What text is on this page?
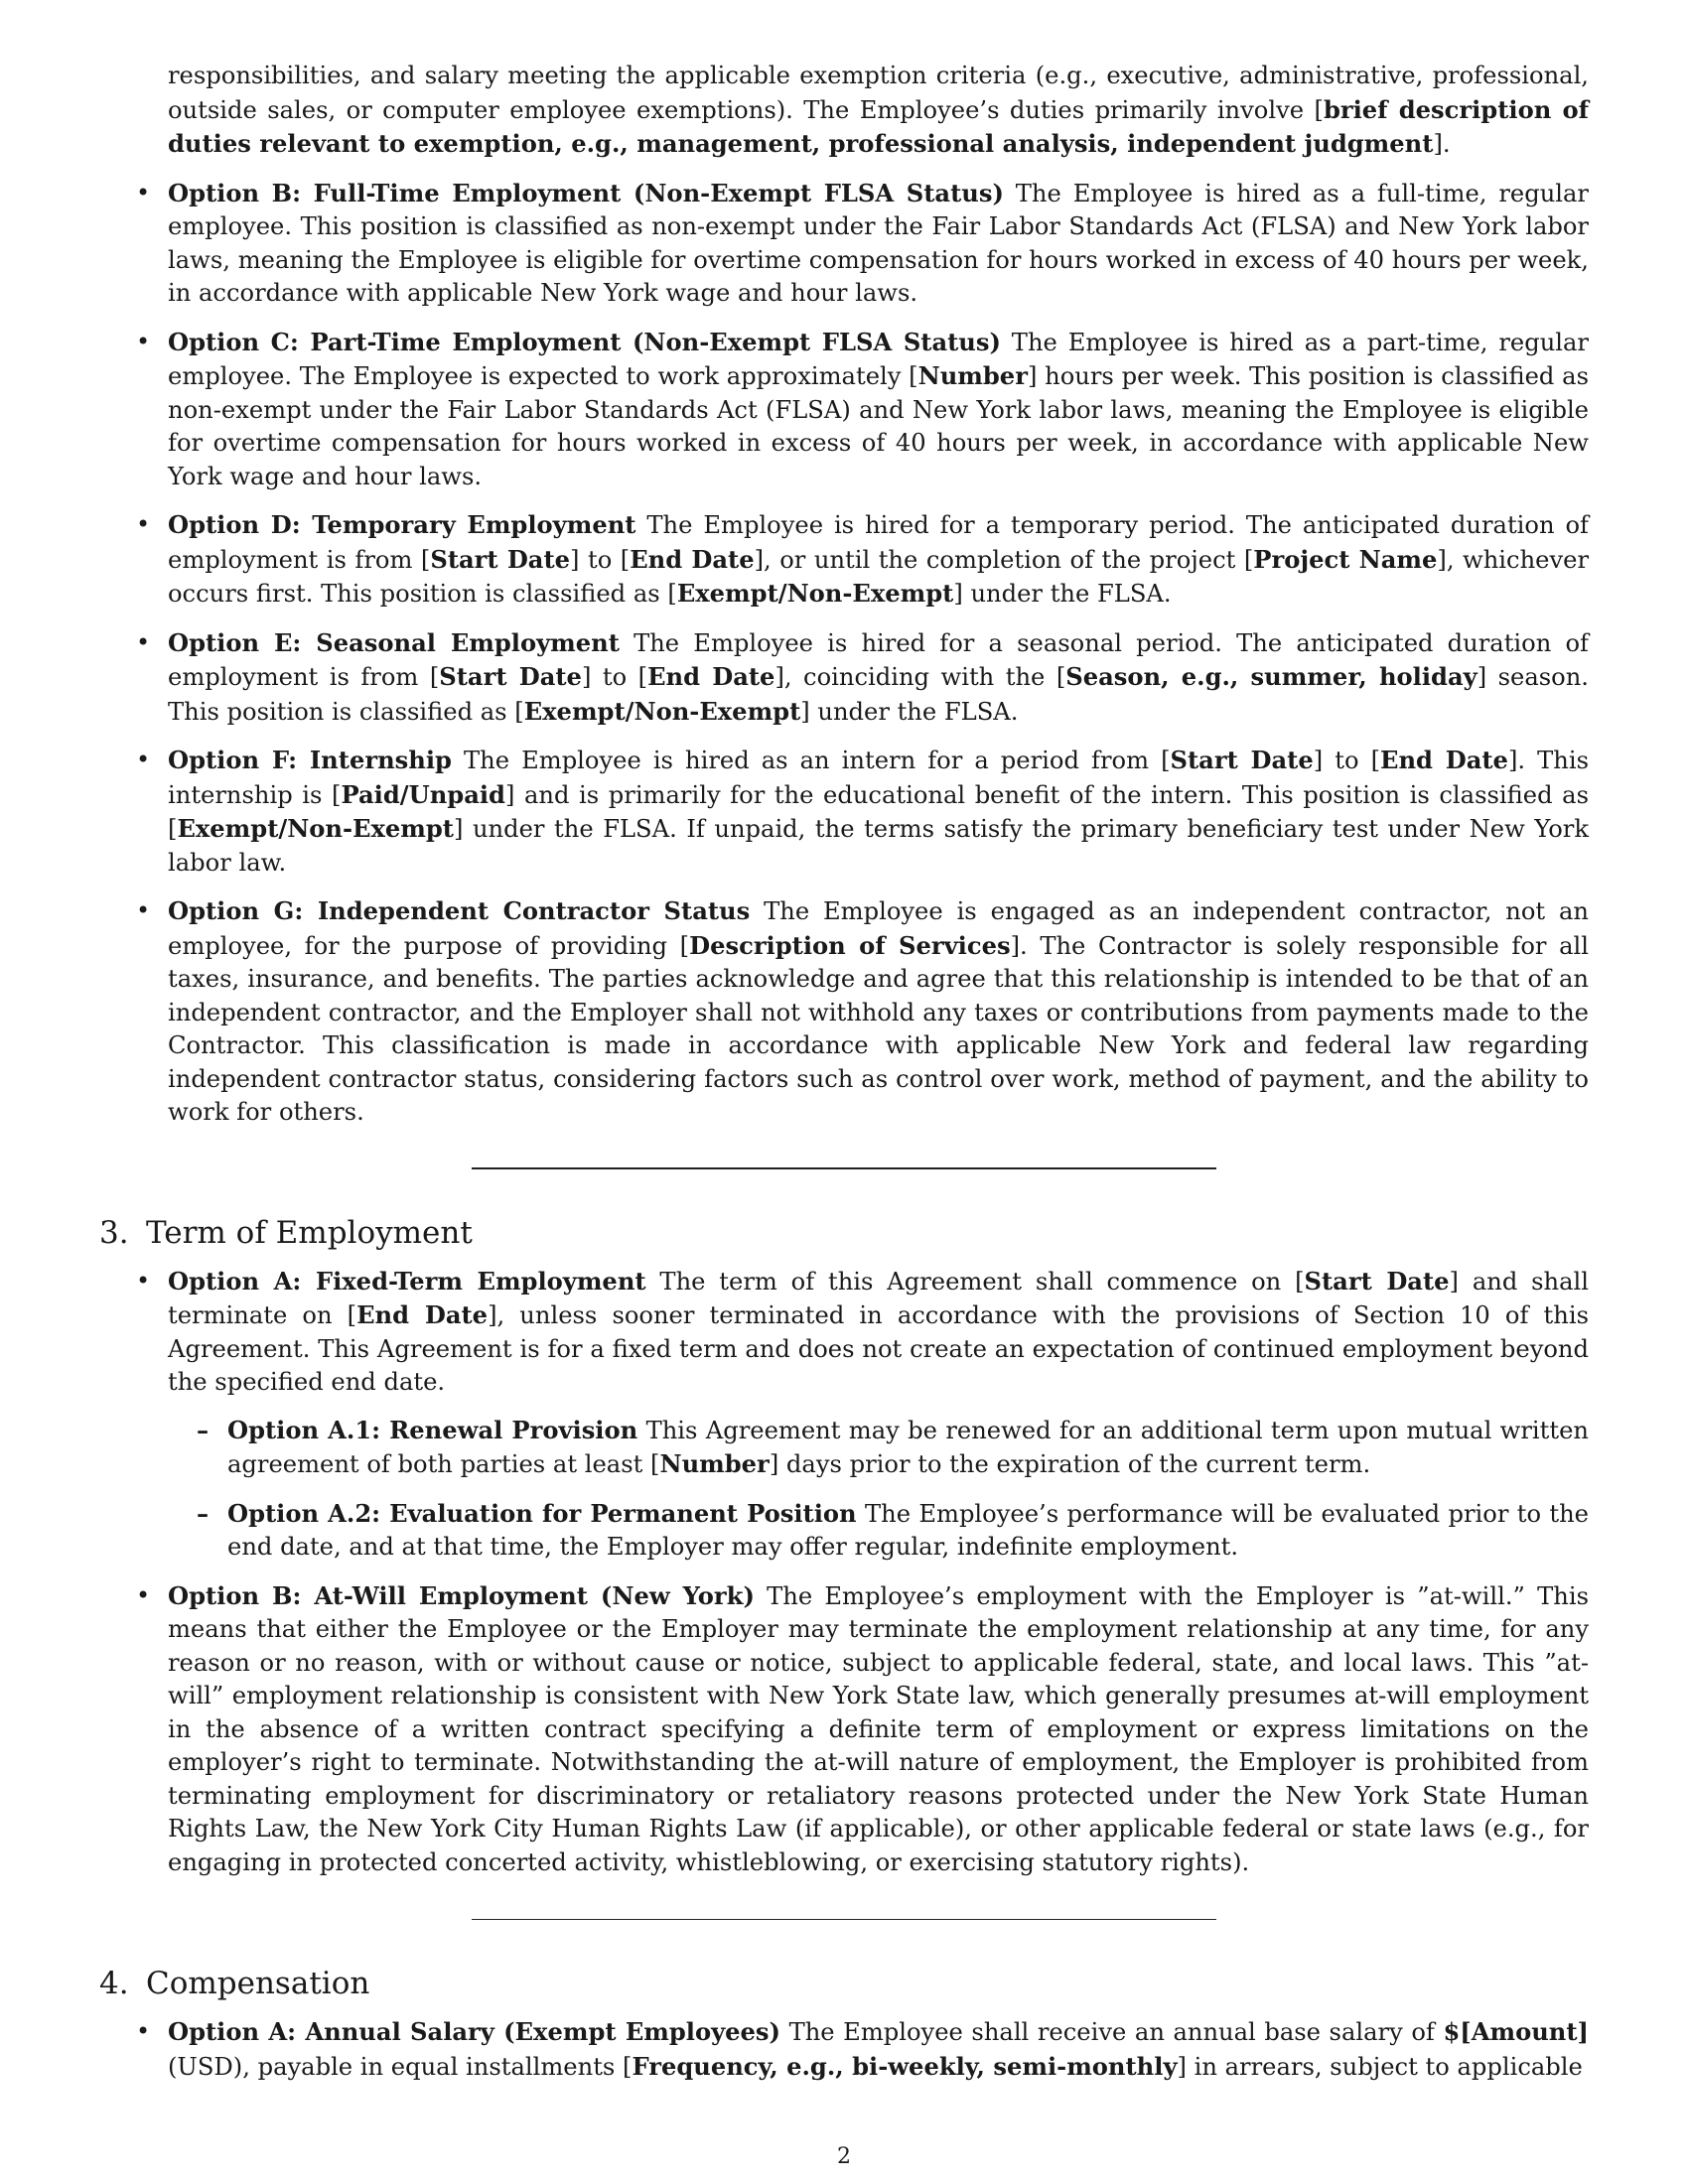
responsibilities, and salary meeting the applicable exemption criteria (e.g., executive, administrative, professional, outside sales, or computer employee exemptions). The Employee’s duties primarily involve [brief description of duties relevant to exemption, e.g., management, professional analysis, independent judgment].

• Option B: Full-Time Employment (Non-Exempt FLSA Status) The Employee is hired as a full-time, regular employee. This position is classified as non-exempt under the Fair Labor Standards Act (FLSA) and New York labor laws, meaning the Employee is eligible for overtime compensation for hours worked in excess of 40 hours per week, in accordance with applicable New York wage and hour laws.
• Option C: Part-Time Employment (Non-Exempt FLSA Status) The Employee is hired as a part-time, regular employee. The Employee is expected to work approximately [Number] hours per week. This position is classified as non-exempt under the Fair Labor Standards Act (FLSA) and New York labor laws, meaning the Employee is eligible for overtime compensation for hours worked in excess of 40 hours per week, in accordance with applicable New York wage and hour laws.
• Option D: Temporary Employment The Employee is hired for a temporary period. The anticipated duration of employment is from [Start Date] to [End Date], or until the completion of the project [Project Name], whichever occurs first. This position is classified as [Exempt/Non-Exempt] under the FLSA.
• Option E: Seasonal Employment The Employee is hired for a seasonal period. The anticipated duration of employment is from [Start Date] to [End Date], coinciding with the [Season, e.g., summer, holiday] season. This position is classified as [Exempt/Non-Exempt] under the FLSA.
• Option F: Internship The Employee is hired as an intern for a period from [Start Date] to [End Date]. This internship is [Paid/Unpaid] and is primarily for the educational benefit of the intern. This position is classified as [Exempt/Non-Exempt] under the FLSA. If unpaid, the terms satisfy the primary beneficiary test under New York labor law.
• Option G: Independent Contractor Status The Employee is engaged as an independent contractor, not an employee, for the purpose of providing [Description of Services]. The Contractor is solely responsible for all taxes, insurance, and benefits. The parties acknowledge and agree that this relationship is intended to be that of an independent contractor, and the Employer shall not withhold any taxes or contributions from payments made to the Contractor. This classification is made in accordance with applicable New York and federal law regarding independent contractor status, considering factors such as control over work, method of payment, and the ability to work for others.
3. Term of Employment
• Option A: Fixed-Term Employment The term of this Agreement shall commence on [Start Date] and shall terminate on [End Date], unless sooner terminated in accordance with the provisions of Section 10 of this Agreement. This Agreement is for a fixed term and does not create an expectation of continued employment beyond the specified end date.
– Option A.1: Renewal Provision This Agreement may be renewed for an additional term upon mutual written agreement of both parties at least [Number] days prior to the expiration of the current term.
– Option A.2: Evaluation for Permanent Position The Employee’s performance will be evaluated prior to the end date, and at that time, the Employer may offer regular, indefinite employment.
• Option B: At-Will Employment (New York) The Employee’s employment with the Employer is ”at-will.” This means that either the Employee or the Employer may terminate the employment relationship at any time, for any reason or no reason, with or without cause or notice, subject to applicable federal, state, and local laws. This ”at-will” employment relationship is consistent with New York State law, which generally presumes at-will employment in the absence of a written contract specifying a definite term of employment or express limitations on the employer’s right to terminate. Notwithstanding the at-will nature of employment, the Employer is prohibited from terminating employment for discriminatory or retaliatory reasons protected under the New York State Human Rights Law, the New York City Human Rights Law (if applicable), or other applicable federal or state laws (e.g., for engaging in protected concerted activity, whistleblowing, or exercising statutory rights).
4. Compensation
• Option A: Annual Salary (Exempt Employees) The Employee shall receive an annual base salary of $[Amount] (USD), payable in equal installments [Frequency, e.g., bi-weekly, semi-monthly] in arrears, subject to applicable
2
